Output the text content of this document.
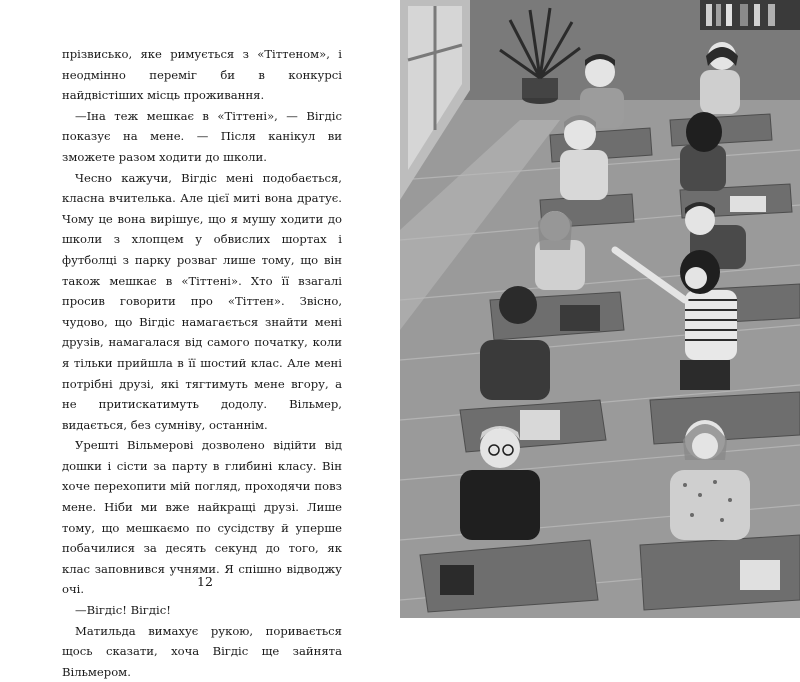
прізвисько, яке римується з «Тіттеном», і неодмінно переміг би в конкурсі найдвістіших місць проживання.

—Іна теж мешкає в «Тіттені», — Вігдіс показує на мене. — Після канікул ви зможете разом ходити до школи.

Чесно кажучи, Вігдіс мені подобається, класна вчителька. Але цієї миті вона дратує. Чому це вона вирішує, що я мушу ходити до школи з хлопцем у обвислих шортах і футболці з парку розваг лише тому, що він також мешкає в «Тіттені». Хто її взагалі просив говорити про «Тіттен». Звісно, чудово, що Вігдіс намагається знайти мені друзів, намагалася від самого початку, коли я тільки прийшла в її шостий клас. Але мені потрібні друзі, які тягтимуть мене вгору, а не притискатимуть додолу. Вільмер, видається, без сумніву, останнім.

Урешті Вільмерові дозволено відійти від дошки і сісти за парту в глибині класу. Він хоче перехопити мій погляд, проходячи повз мене. Ніби ми вже найкращі друзі. Лише тому, що мешкаємо по сусідству й уперше побачилися за десять секунд до того, як клас заповнився учнями. Я спішно відводжу очі.

—Вігдіс! Вігдіс!

Матильда вимахує рукою, поривається щось сказати, хоча Вігдіс ще зайнята Вільмером.

12
